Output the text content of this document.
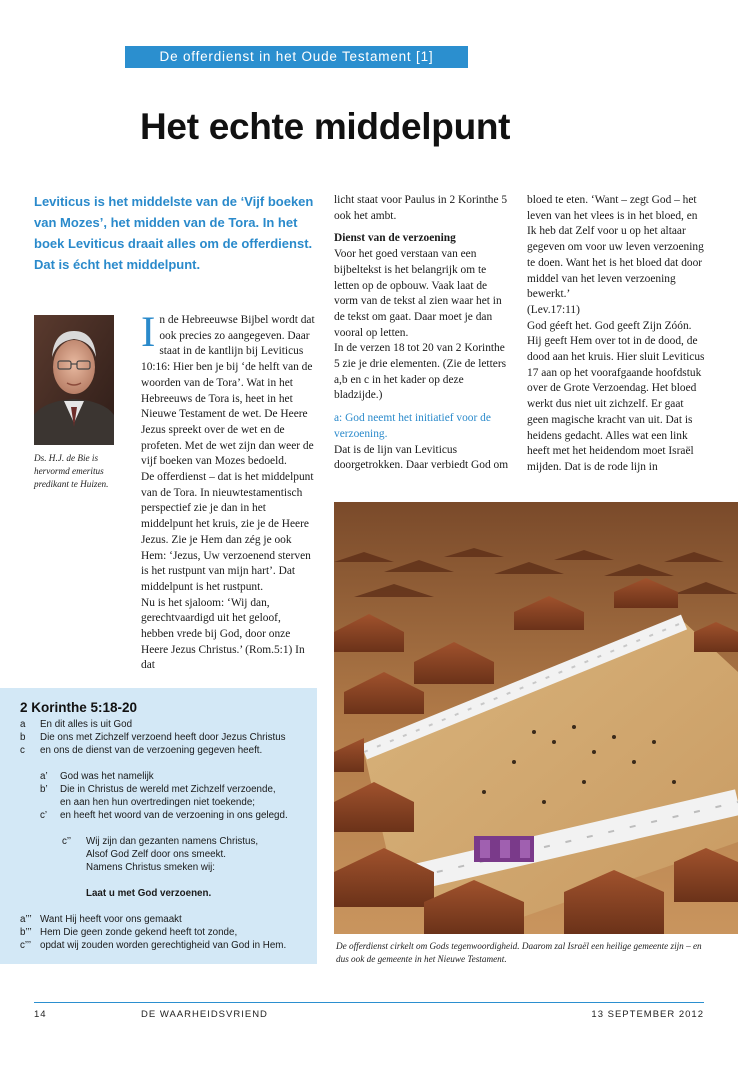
De offerdienst in het Oude Testament [1]
Het echte middelpunt
Leviticus is het middelste van de ‘Vijf boeken van Mozes’, het midden van de Tora. In het boek Leviticus draait alles om de offerdienst. Dat is écht het middelpunt.
Ds. H.J. de Bie is hervormd emeritus predikant te Huizen.

In de Hebreeuwse Bijbel wordt dat ook precies zo aangegeven. Daar staat in de kantlijn bij Leviticus 10:16: Hier ben je bij ‘de helft van de woorden van de Tora’. Wat in het Hebreeuws de Tora is, heet in het Nieuwe Testament de wet. De Heere Jezus spreekt over de wet en de profeten. Met de wet zijn dan weer de vijf boeken van Mozes bedoeld.

De offerdienst – dat is het middelpunt van de Tora. In nieuwtestamentisch perspectief zie je dan in het middelpunt het kruis, zie je de Heere Jezus. Zie je Hem dan zég je ook Hem: ‘Jezus, Uw verzoenend sterven is het rustpunt van mijn hart’. Dat middelpunt is het rustpunt.

Nu is het sjaloom: ‘Wij dan, gerechtvaardigd uit het geloof, hebben vrede bij God, door onze Heere Jezus Christus.’ (Rom.5:1) In dat

licht staat voor Paulus in 2 Korinthe 5 ook het ambt.

Dienst van de verzoening

Voor het goed verstaan van een bijbeltekst is het belangrijk om te letten op de opbouw. Vaak laat de vorm van de tekst al zien waar het in de tekst om gaat. Daar moet je dan vooral op letten.

In de verzen 18 tot 20 van 2 Korinthe 5 zie je drie elementen. (Zie de letters a,b en c in het kader op deze bladzijde.)

a: God neemt het initiatief voor de verzoening.

Dat is de lijn van Leviticus doorgetrokken. Daar verbiedt God om

bloed te eten. ‘Want – zegt God – het leven van het vlees is in het bloed, en Ik heb dat Zelf voor u op het altaar gegeven om voor uw leven verzoening te doen. Want het is het bloed dat door middel van het leven verzoening bewerkt.’

(Lev.17:11)

God géeft het. God geeft Zijn Zóón. Hij geeft Hem over tot in de dood, de dood aan het kruis. Hier sluit Leviticus 17 aan op het voorafgaande hoofdstuk over de Grote Verzoendag. Het bloed werkt dus niet uit zichzelf. Er gaat geen magische kracht van uit. Dat is heidens gedacht. Alles wat een link heeft met het heidendom moet Israël mijden. Dat is de rode lijn in

2 Korinthe 5:18-20
a En dit alles is uit God
b Die ons met Zichzelf verzoend heeft door Jezus Christus
c en ons de dienst van de verzoening gegeven heeft.
a’ God was het namelijk
b’ Die in Christus de wereld met Zichzelf verzoende,
en aan hen hun overtredingen niet toekende;
c’ en heeft het woord van de verzoening in ons gelegd.
c’’ Wij zijn dan gezanten namens Christus,
Alsof God Zelf door ons smeekt.
Namens Christus smeken wij:
Laat u met God verzoenen.
a’’’ Want Hij heeft voor ons gemaakt
b’’’ Hem Die geen zonde gekend heeft tot zonde,
c’’’ opdat wij zouden worden gerechtigheid van God in Hem.	De offerdienst cirkelt om Gods tegenwoordigheid. Daarom zal Israël een heilige gemeente zijn – en dus ook de gemeente in het Nieuwe Testament.
14	DE WAARHEIDSVRIEND	13 SEPTEMBER 2012
